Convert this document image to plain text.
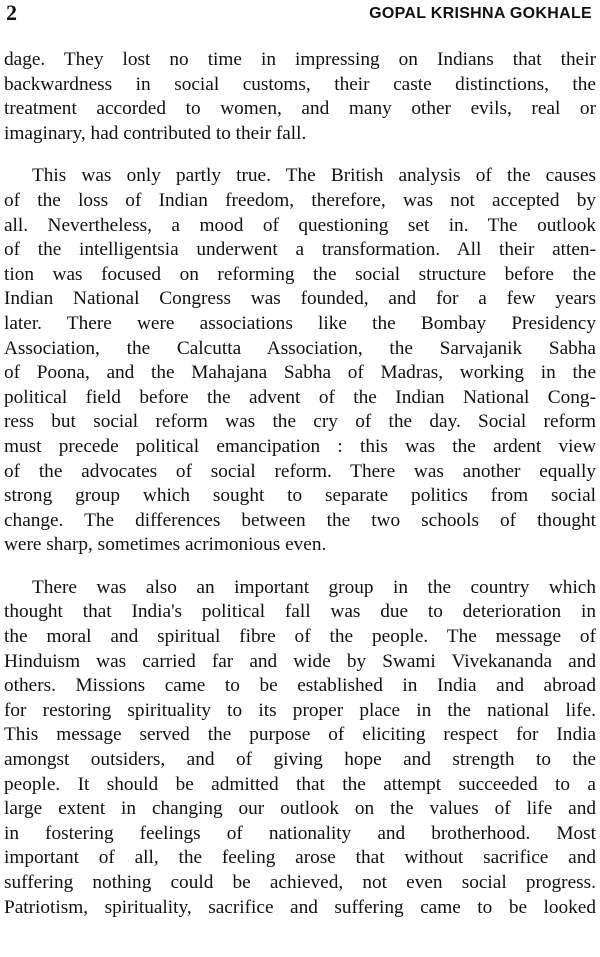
2	GOPAL KRISHNA GOKHALE
dage. They lost no time in impressing on Indians that their
backwardness in social customs, their caste distinctions, the
treatment accorded to women, and many other evils, real or
imaginary, had contributed to their fall.
This was only partly true. The British analysis of the causes
of the loss of Indian freedom, therefore, was not accepted by
all. Nevertheless, a mood of questioning set in. The outlook
of the intelligentsia underwent a transformation. All their atten-
tion was focused on reforming the social structure before the
Indian National Congress was founded, and for a few years
later. There were associations like the Bombay Presidency
Association, the Calcutta Association, the Sarvajanik Sabha
of Poona, and the Mahajana Sabha of Madras, working in the
political field before the advent of the Indian National Cong-
ress but social reform was the cry of the day. Social reform
must precede political emancipation : this was the ardent view
of the advocates of social reform. There was another equally
strong group which sought to separate politics from social
change. The differences between the two schools of thought
were sharp, sometimes acrimonious even.
There was also an important group in the country which
thought that India's political fall was due to deterioration in
the moral and spiritual fibre of the people. The message of
Hinduism was carried far and wide by Swami Vivekananda and
others. Missions came to be established in India and abroad
for restoring spirituality to its proper place in the national life.
This message served the purpose of eliciting respect for India
amongst outsiders, and of giving hope and strength to the
people. It should be admitted that the attempt succeeded to a
large extent in changing our outlook on the values of life and
in fostering feelings of nationality and brotherhood. Most
important of all, the feeling arose that without sacrifice and
suffering nothing could be achieved, not even social progress.
Patriotism, spirituality, sacrifice and suffering came to be looked
